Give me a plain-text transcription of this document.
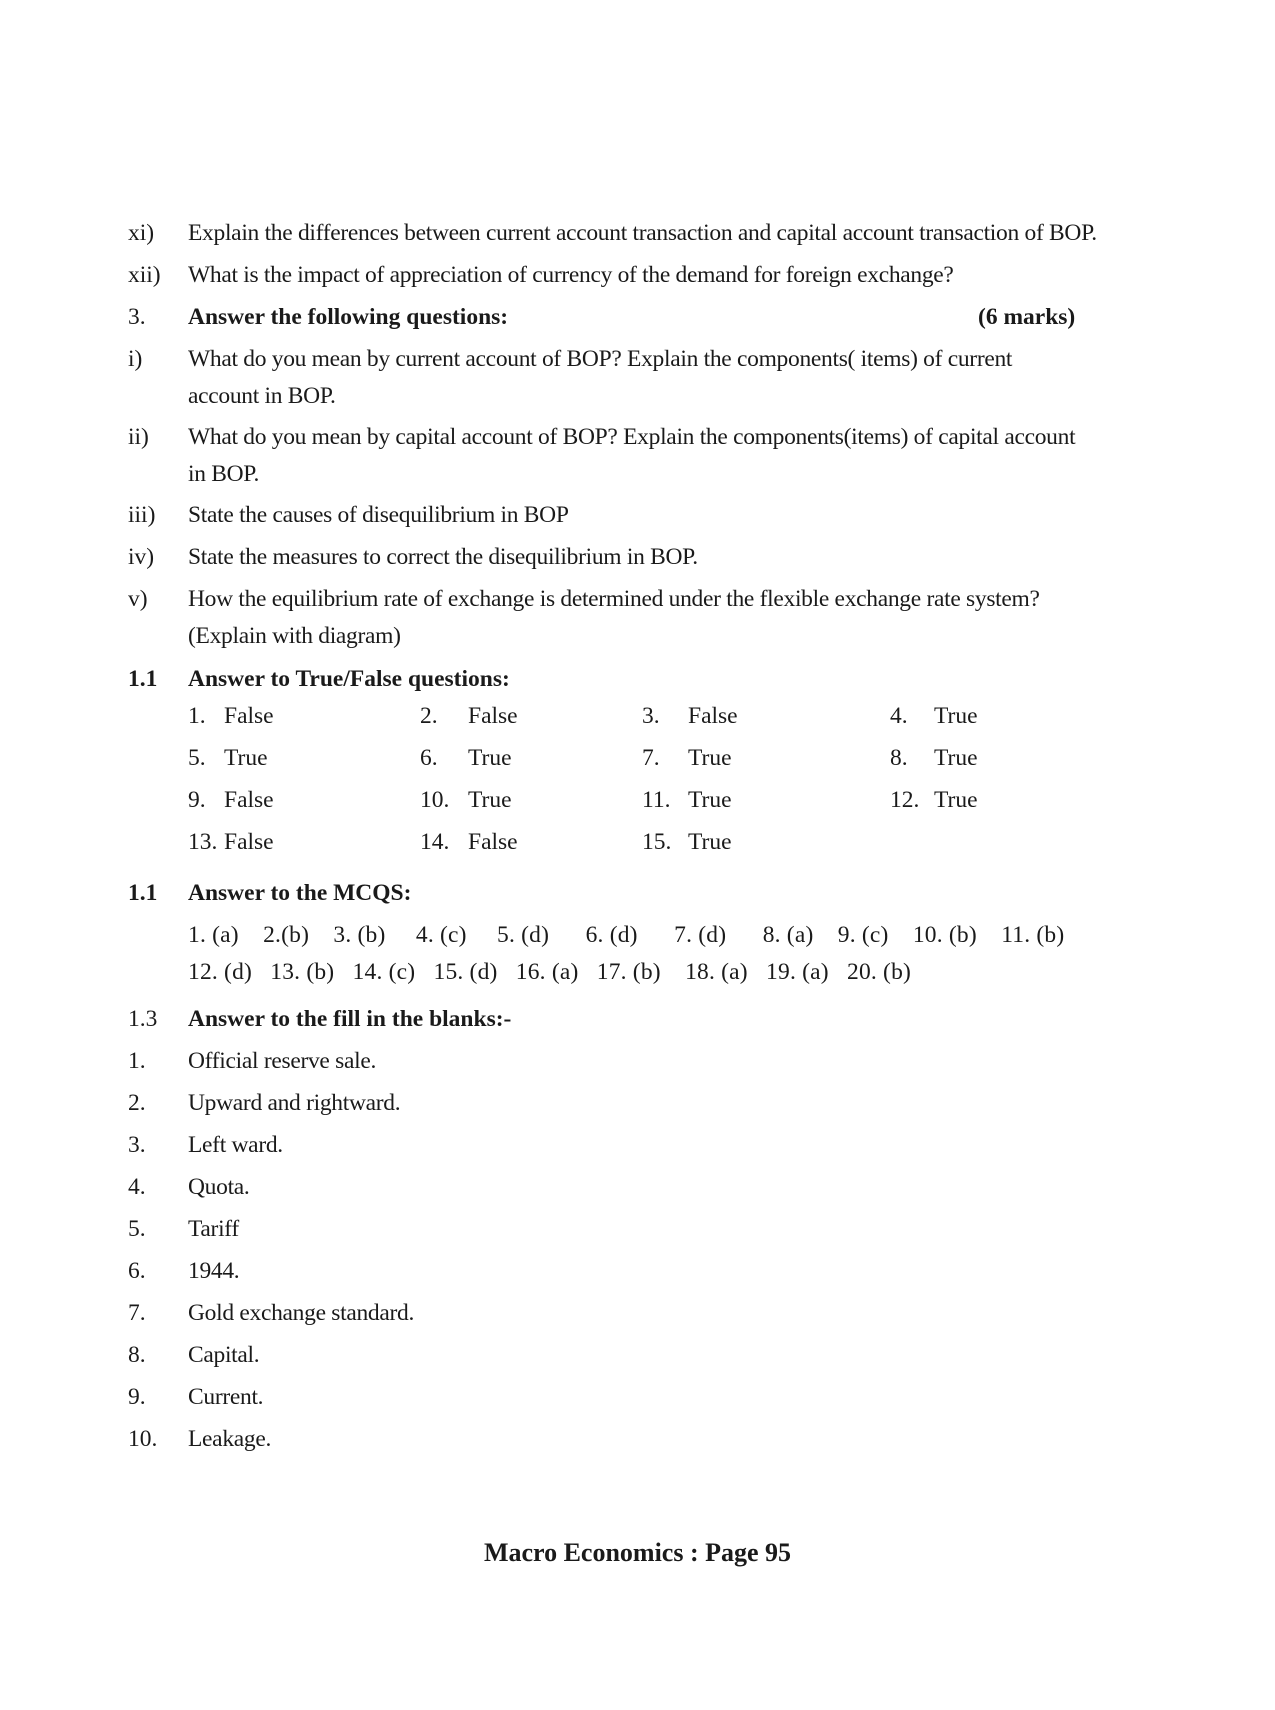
xi)	Explain the differences between current account transaction and capital account transaction of BOP.
xii)	What is the impact of appreciation of currency of the demand for foreign exchange?
3.	Answer the following questions:	(6 marks)
i)	What do you mean by current account of BOP? Explain the components( items) of current
account in BOP.
ii)	What do you mean by capital account of BOP? Explain the components(items) of capital account
in BOP.
iii)	State the causes of disequilibrium in BOP
iv)	State the measures to correct the disequilibrium in BOP.
v)	How the equilibrium rate of exchange is determined under the flexible exchange rate system?
(Explain with diagram)
1.1	Answer to True/False questions:
1. False	2. False	3. False	4. True
5. True	6. True	7. True	8. True
9. False	10. True	11. True	12. True
13. False	14. False	15. True
1.1	Answer to the MCQS:
1. (a)    2.(b)    3. (b)     4. (c)     5. (d)      6. (d)      7. (d)      8. (a)    9. (c)    10. (b)    11. (b)
12. (d)   13. (b)   14. (c)   15. (d)   16. (a)   17. (b)    18. (a)   19. (a)   20. (b)
1.3	Answer to the fill in the blanks:-
1.	Official reserve sale.
2.	Upward and rightward.
3.	Left ward.
4.	Quota.
5.	Tariff
6.	1944.
7.	Gold exchange standard.
8.	Capital.
9.	Current.
10.	Leakage.
Macro Economics : Page 95
